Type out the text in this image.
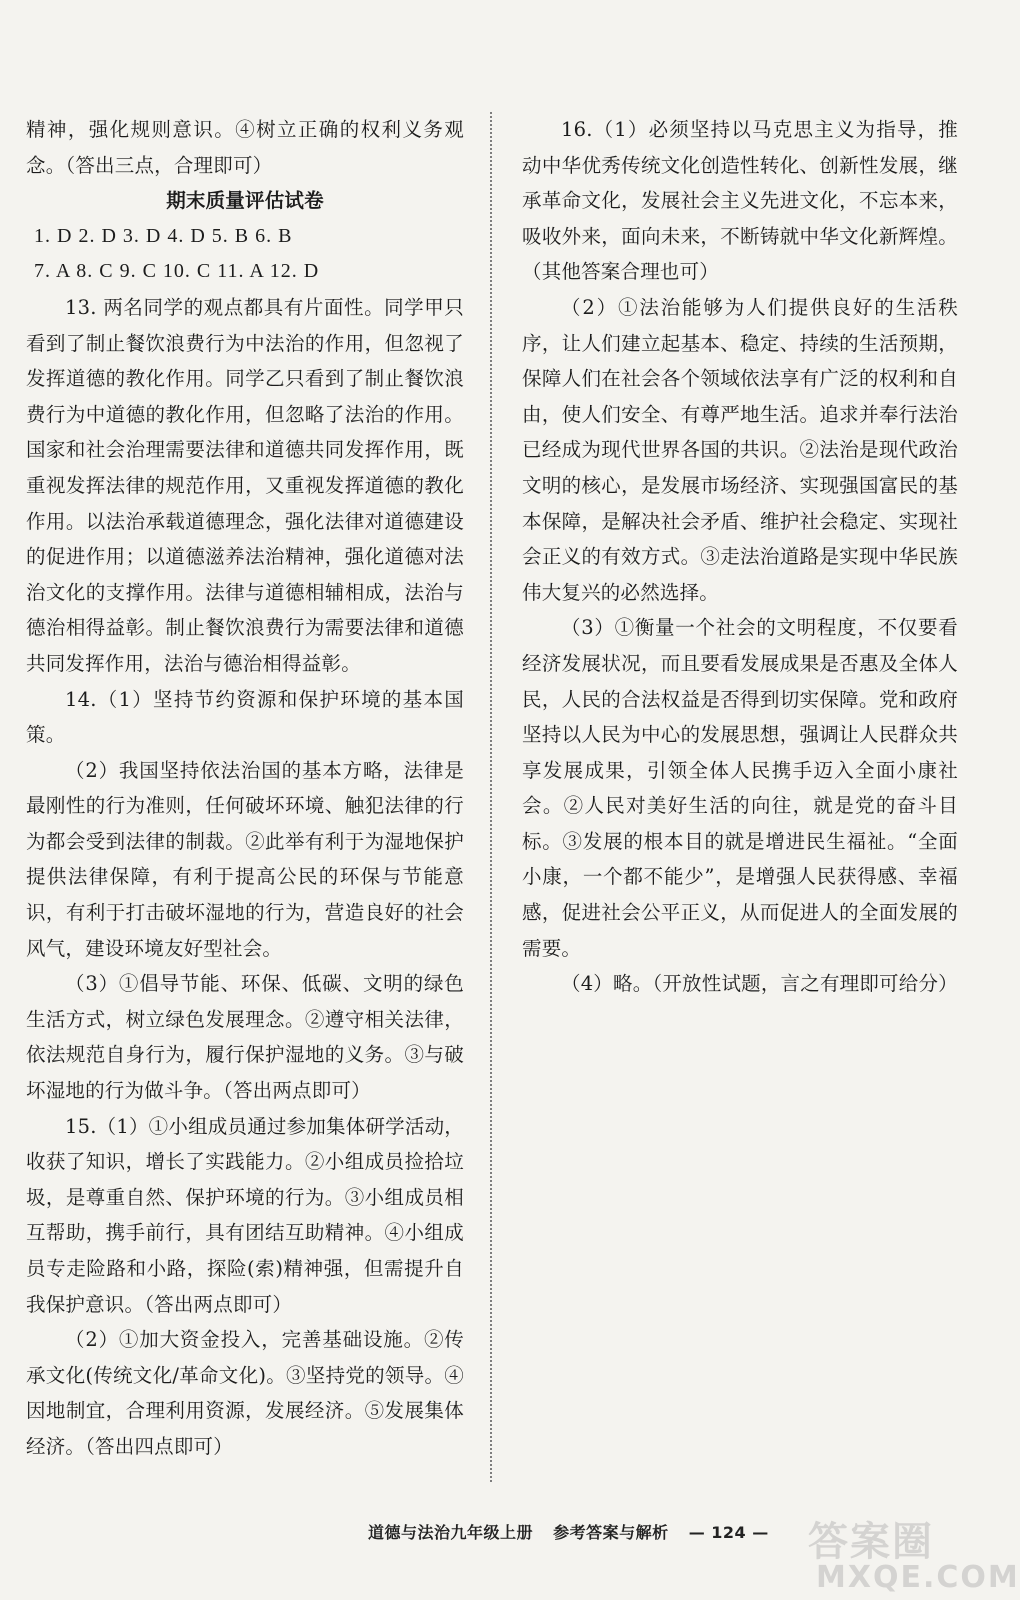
精神，强化规则意识。④树立正确的权利义务观念。（答出三点，合理即可）

期末质量评估试卷

1. D 2. D 3. D 4. D 5. B 6. B

7. A 8. C 9. C 10. C 11. A 12. D

13. 两名同学的观点都具有片面性。同学甲只看到了制止餐饮浪费行为中法治的作用，但忽视了发挥道德的教化作用。同学乙只看到了制止餐饮浪费行为中道德的教化作用，但忽略了法治的作用。国家和社会治理需要法律和道德共同发挥作用，既重视发挥法律的规范作用，又重视发挥道德的教化作用。以法治承载道德理念，强化法律对道德建设的促进作用；以道德滋养法治精神，强化道德对法治文化的支撑作用。法律与道德相辅相成，法治与德治相得益彰。制止餐饮浪费行为需要法律和道德共同发挥作用，法治与德治相得益彰。

14.（1）坚持节约资源和保护环境的基本国策。

（2）我国坚持依法治国的基本方略，法律是最刚性的行为准则，任何破坏环境、触犯法律的行为都会受到法律的制裁。②此举有利于为湿地保护提供法律保障，有利于提高公民的环保与节能意识，有利于打击破坏湿地的行为，营造良好的社会风气，建设环境友好型社会。

（3）①倡导节能、环保、低碳、文明的绿色生活方式，树立绿色发展理念。②遵守相关法律，依法规范自身行为，履行保护湿地的义务。③与破坏湿地的行为做斗争。（答出两点即可）

15.（1）①小组成员通过参加集体研学活动，收获了知识，增长了实践能力。②小组成员捡拾垃圾，是尊重自然、保护环境的行为。③小组成员相互帮助，携手前行，具有团结互助精神。④小组成员专走险路和小路，探险(索)精神强，但需提升自我保护意识。（答出两点即可）

（2）①加大资金投入，完善基础设施。②传承文化(传统文化/革命文化)。③坚持党的领导。④因地制宜，合理利用资源，发展经济。⑤发展集体经济。（答出四点即可）

16.（1）必须坚持以马克思主义为指导，推动中华优秀传统文化创造性转化、创新性发展，继承革命文化，发展社会主义先进文化，不忘本来，吸收外来，面向未来，不断铸就中华文化新辉煌。（其他答案合理也可）

（2）①法治能够为人们提供良好的生活秩序，让人们建立起基本、稳定、持续的生活预期，保障人们在社会各个领域依法享有广泛的权利和自由，使人们安全、有尊严地生活。追求并奉行法治已经成为现代世界各国的共识。②法治是现代政治文明的核心，是发展市场经济、实现强国富民的基本保障，是解决社会矛盾、维护社会稳定、实现社会正义的有效方式。③走法治道路是实现中华民族伟大复兴的必然选择。

（3）①衡量一个社会的文明程度，不仅要看经济发展状况，而且要看发展成果是否惠及全体人民，人民的合法权益是否得到切实保障。党和政府坚持以人民为中心的发展思想，强调让人民群众共享发展成果，引领全体人民携手迈入全面小康社会。②人民对美好生活的向往，就是党的奋斗目标。③发展的根本目的就是增进民生福祉。“全面小康，一个都不能少”，是增强人民获得感、幸福感，促进社会公平正义，从而促进人的全面发展的需要。

（4）略。（开放性试题，言之有理即可给分）

道德与法治九年级上册 参考答案与解析 — 124 — 答案圈
MXQE.COM
